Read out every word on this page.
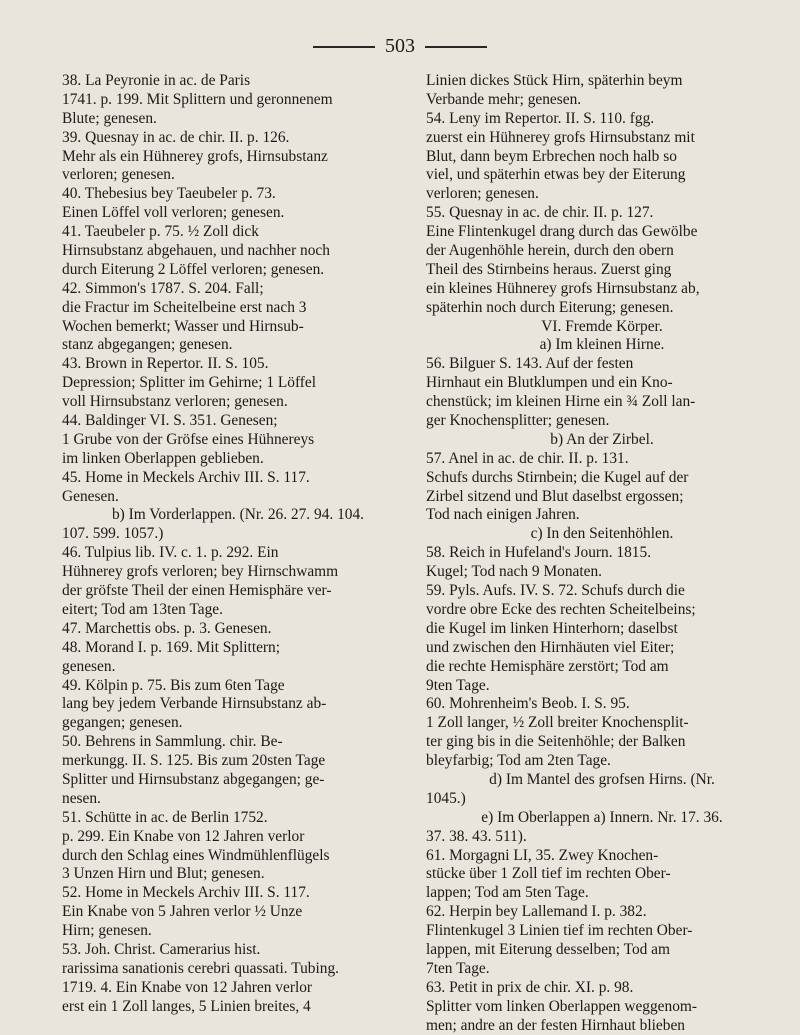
503
38. La Peyronie in ac. de Paris
1741. p. 199. Mit Splittern und geronnenem
Blute; genesen.
39. Quesnay in ac. de chir. II. p. 126.
Mehr als ein Hühnerey grofs, Hirnsubstanz
verloren; genesen.
40. Thebesius bey Taeubeler p. 73.
Einen Löffel voll verloren; genesen.
41. Taeubeler p. 75. ½ Zoll dick
Hirnsubstanz abgehauen, und nachher noch
durch Eiterung 2 Löffel verloren; genesen.
42. Simmon's 1787. S. 204. Fall;
die Fractur im Scheitelbeine erst nach 3
Wochen bemerkt; Wasser und Hirnsub-
stanz abgegangen; genesen.
43. Brown in Repertor. II. S. 105.
Depression; Splitter im Gehirne; 1 Löffel
voll Hirnsubstanz verloren; genesen.
44. Baldinger VI. S. 351. Genesen;
1 Grube von der Gröfse eines Hühnereys
im linken Oberlappen geblieben.
45. Home in Meckels Archiv III. S. 117.
Genesen.
b) Im Vorderlappen. (Nr. 26. 27. 94. 104.
107. 599. 1057.)
46. Tulpius lib. IV. c. 1. p. 292. Ein
Hühnerey grofs verloren; bey Hirnschwamm
der gröfste Theil der einen Hemisphäre ver-
eitert; Tod am 13ten Tage.
47. Marchettis obs. p. 3. Genesen.
48. Morand I. p. 169. Mit Splittern;
genesen.
49. Kölpin p. 75. Bis zum 6ten Tage
lang bey jedem Verbande Hirnsubstanz ab-
gegangen; genesen.
50. Behrens in Sammlung. chir. Be-
merkungg. II. S. 125. Bis zum 20sten Tage
Splitter und Hirnsubstanz abgegangen; ge-
nesen.
51. Schütte in ac. de Berlin 1752.
p. 299. Ein Knabe von 12 Jahren verlor
durch den Schlag eines Windmühlenflügels
3 Unzen Hirn und Blut; genesen.
52. Home in Meckels Archiv III. S. 117.
Ein Knabe von 5 Jahren verlor ½ Unze
Hirn; genesen.
53. Joh. Christ. Camerarius hist.
rarissima sanationis cerebri quassati. Tubing.
1719. 4. Ein Knabe von 12 Jahren verlor
erst ein 1 Zoll langes, 5 Linien breites, 4
Linien dickes Stück Hirn, späterhin beym
Verbande mehr; genesen.
54. Leny im Repertor. II. S. 110. fgg.
zuerst ein Hühnerey grofs Hirnsubstanz mit
Blut, dann beym Erbrechen noch halb so
viel, und späterhin etwas bey der Eiterung
verloren; genesen.
55. Quesnay in ac. de chir. II. p. 127.
Eine Flintenkugel drang durch das Gewölbe
der Augenhöhle herein, durch den obern
Theil des Stirnbeins heraus. Zuerst ging
ein kleines Hühnerey grofs Hirnsubstanz ab,
späterhin noch durch Eiterung; genesen.
VI. Fremde Körper.
a) Im kleinen Hirne.
56. Bilguer S. 143. Auf der festen
Hirnhaut ein Blutklumpen und ein Kno-
chenstück; im kleinen Hirne ein ¾ Zoll lan-
ger Knochensplitter; genesen.
b) An der Zirbel.
57. Anel in ac. de chir. II. p. 131.
Schufs durchs Stirnbein; die Kugel auf der
Zirbel sitzend und Blut daselbst ergossen;
Tod nach einigen Jahren.
c) In den Seitenhöhlen.
58. Reich in Hufeland's Journ. 1815.
Kugel; Tod nach 9 Monaten.
59. Pyls. Aufs. IV. S. 72. Schufs durch die
vordre obre Ecke des rechten Scheitelbeins;
die Kugel im linken Hinterhorn; daselbst
und zwischen den Hirnhäuten viel Eiter;
die rechte Hemisphäre zerstört; Tod am
9ten Tage.
60. Mohrenheim's Beob. I. S. 95.
1 Zoll langer, ½ Zoll breiter Knochensplit-
ter ging bis in die Seitenhöhle; der Balken
bleyfarbig; Tod am 2ten Tage.
d) Im Mantel des grofsen Hirns. (Nr.
1045.)
e) Im Oberlappen a) Innern. Nr. 17. 36.
37. 38. 43. 511).
61. Morgagni LI, 35. Zwey Knochen-
stücke über 1 Zoll tief im rechten Ober-
lappen; Tod am 5ten Tage.
62. Herpin bey Lallemand I. p. 382.
Flintenkugel 3 Linien tief im rechten Ober-
lappen, mit Eiterung desselben; Tod am
7ten Tage.
63. Petit in prix de chir. XI. p. 98.
Splitter vom linken Oberlappen weggenom-
men; andre an der festen Hirnhaut blieben
